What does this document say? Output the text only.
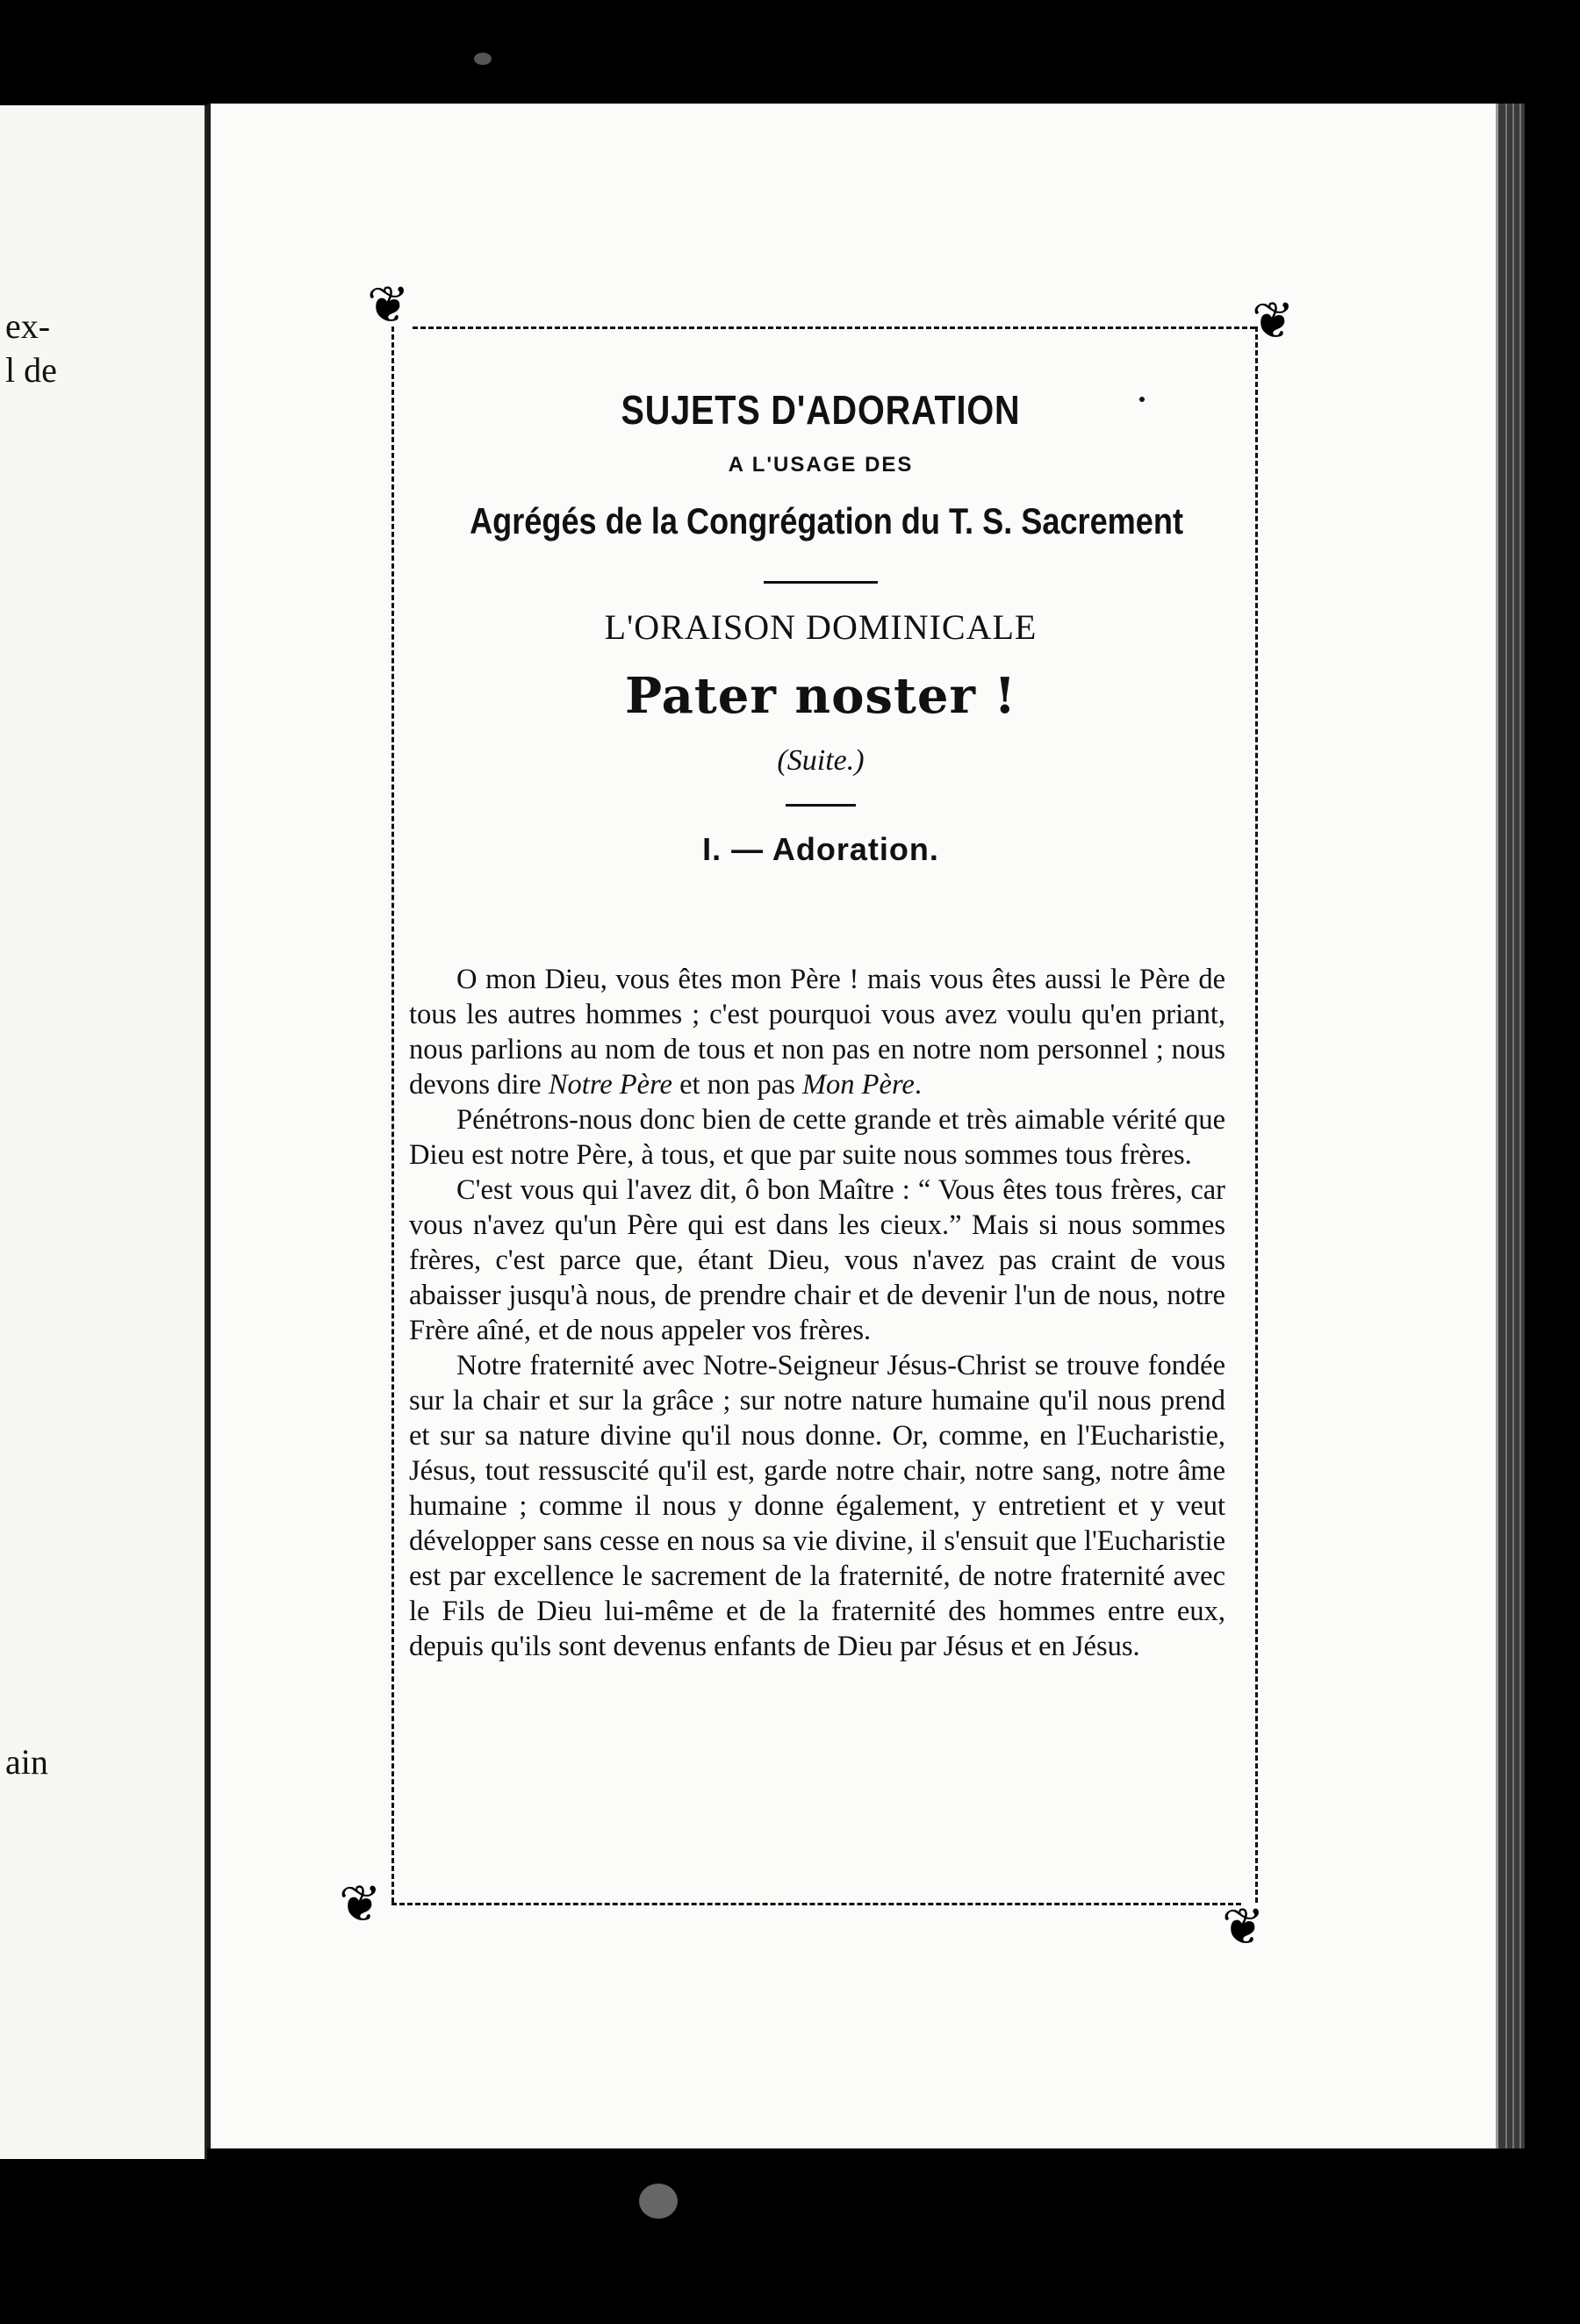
ex-
l de
ain
❦	❦
❦	❦
SUJETS D'ADORATION
A L'USAGE DES
Agrégés de la Congrégation du T. S. Sacrement
L'ORAISON DOMINICALE
Pater noster !
(Suite.)
I. — Adoration.

O mon Dieu, vous êtes mon Père ! mais vous êtes aussi le Père de tous les autres hommes ; c'est pourquoi vous avez voulu qu'en priant, nous parlions au nom de tous et non pas en notre nom personnel ; nous devons dire Notre Père et non pas Mon Père.

Pénétrons-nous donc bien de cette grande et très aimable vérité que Dieu est notre Père, à tous, et que par suite nous sommes tous frères.

C'est vous qui l'avez dit, ô bon Maître : “ Vous êtes tous frères, car vous n'avez qu'un Père qui est dans les cieux.” Mais si nous sommes frères, c'est parce que, étant Dieu, vous n'avez pas craint de vous abaisser jusqu'à nous, de prendre chair et de devenir l'un de nous, notre Frère aîné, et de nous appeler vos frères.

Notre fraternité avec Notre-Seigneur Jésus-Christ se trouve fondée sur la chair et sur la grâce ; sur notre nature humaine qu'il nous prend et sur sa nature divine qu'il nous donne. Or, comme, en l'Eucharistie, Jésus, tout ressuscité qu'il est, garde notre chair, notre sang, notre âme humaine ; comme il nous y donne également, y entretient et y veut développer sans cesse en nous sa vie divine, il s'ensuit que l'Eucharistie est par excellence le sacrement de la fraternité, de notre fraternité avec le Fils de Dieu lui-même et de la fraternité des hommes entre eux, depuis qu'ils sont devenus enfants de Dieu par Jésus et en Jésus.
